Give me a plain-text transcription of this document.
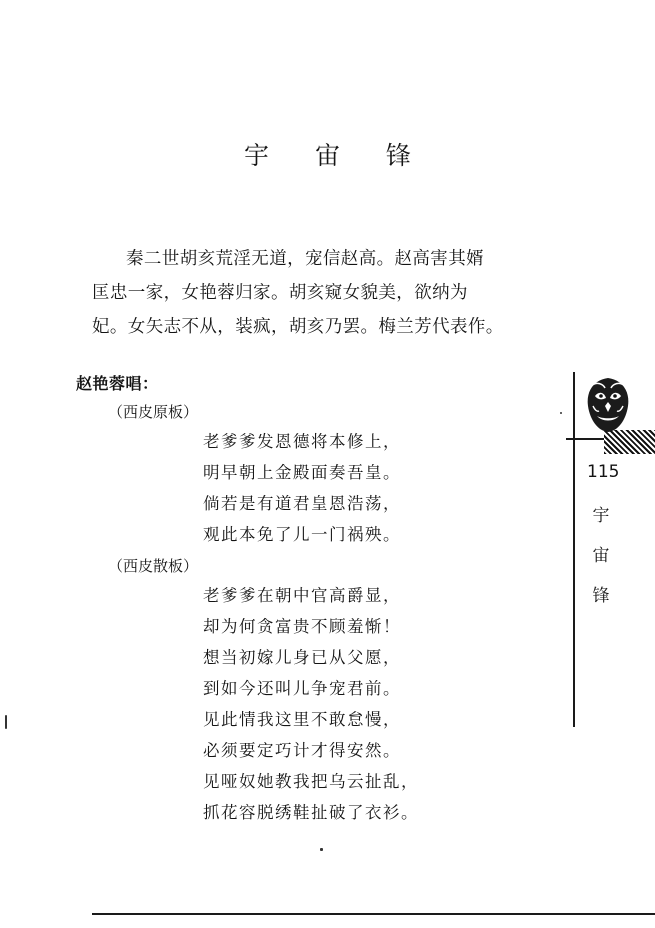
宇 宙 锋

秦二世胡亥荒淫无道，宠信赵高。赵高害其婿

匡忠一家，女艳蓉归家。胡亥窥女貌美，欲纳为

妃。女矢志不从，装疯，胡亥乃罢。梅兰芳代表作。

赵艳蓉唱：
（西皮原板）
老爹爹发恩德将本修上，
明早朝上金殿面奏吾皇。
倘若是有道君皇恩浩荡，
观此本免了儿一门祸殃。
（西皮散板）
老爹爹在朝中官高爵显，
却为何贪富贵不顾羞惭！
想当初嫁儿身已从父愿，
到如今还叫儿争宠君前。
见此情我这里不敢怠慢，
必须要定巧计才得安然。
见哑奴她教我把乌云扯乱，
抓花容脱绣鞋扯破了衣衫。
115
宇
宙
锋
